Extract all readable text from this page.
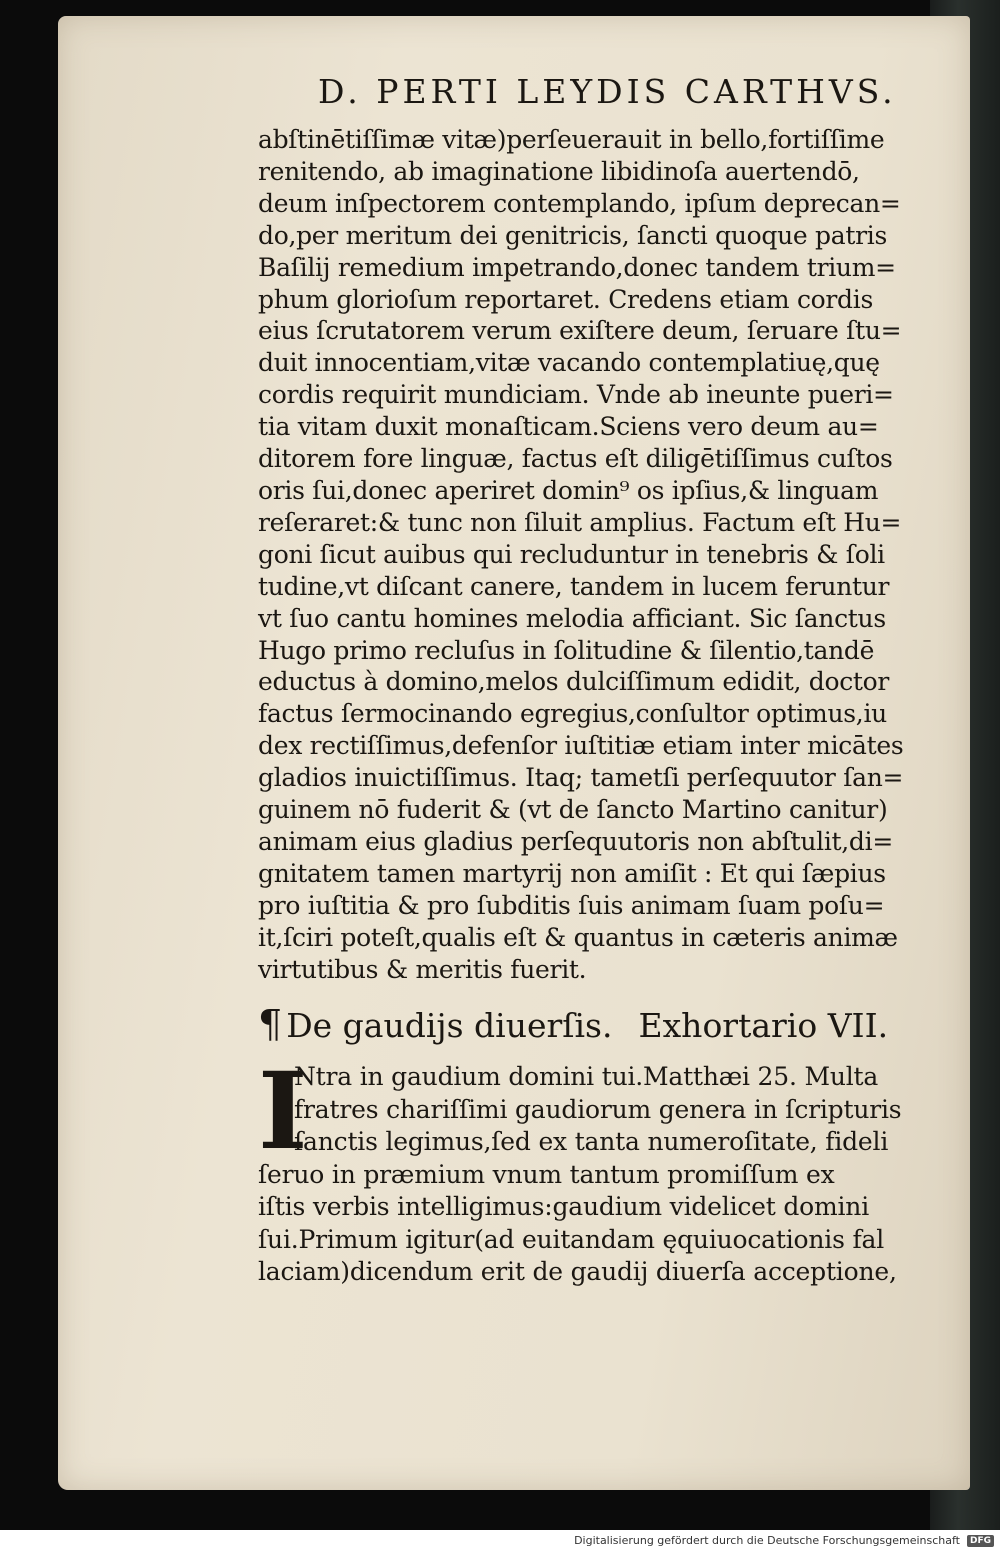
D. PERTI LEYDIS CARTHVS.
abſtinētiſſimæ vitæ)perſeuerauit in bello,fortiſſime
renitendo, ab imaginatione libidinoſa auertendō,
deum inſpectorem contemplando, ipſum deprecan=
do,per meritum dei genitricis, ſancti quoque patris
Baſilij remedium impetrando,donec tandem trium=
phum glorioſum reportaret. Credens etiam cordis
eius ſcrutatorem verum exiſtere deum, ſeruare ſtu=
duit innocentiam,vitæ vacando contemplatiuę,quę
cordis requirit mundiciam. Vnde ab ineunte pueri=
tia vitam duxit monaſticam.Sciens vero deum au=
ditorem fore linguæ, factus eſt diligētiſſimus cuſtos
oris ſui,donec aperiret domin⁹ os ipſius,& linguam
reſeraret:& tunc non ſiluit amplius. Factum eſt Hu=
goni ſicut auibus qui recluduntur in tenebris & ſoli
tudine,vt diſcant canere, tandem in lucem feruntur
vt ſuo cantu homines melodia afficiant. Sic ſanctus
Hugo primo recluſus in ſolitudine & ſilentio,tandē
eductus à domino,melos dulciſſimum edidit, doctor
factus ſermocinando egregius,conſultor optimus,iu
dex rectiſſimus,defenſor iuſtitiæ etiam inter micātes
gladios inuictiſſimus. Itaq; tametſi perſequutor ſan=
guinem nō fuderit & (vt de ſancto Martino canitur)
animam eius gladius perſequutoris non abſtulit,di=
gnitatem tamen martyrij non amiſit : Et qui ſæpius
pro iuſtitia & pro ſubditis ſuis animam ſuam poſu=
it,ſciri poteſt,qualis eſt & quantus in cæteris animæ
virtutibus & meritis fuerit.
¶ De gaudijs diuerſis. Exhortario VII.
I
Ntra in gaudium domini tui.Matthæi 25. Multa
fratres chariſſimi gaudiorum genera in ſcripturis
ſanctis legimus,ſed ex tanta numeroſitate, fideli
ſeruo in præmium vnum tantum promiſſum ex
iſtis verbis intelligimus:gaudium videlicet domini
ſui.Primum igitur(ad euitandam ęquiuocationis fal
laciam)dicendum erit de gaudij diuerſa acceptione,
Digitalisierung gefördert durch die Deutsche Forschungsgemeinschaft	DFG
